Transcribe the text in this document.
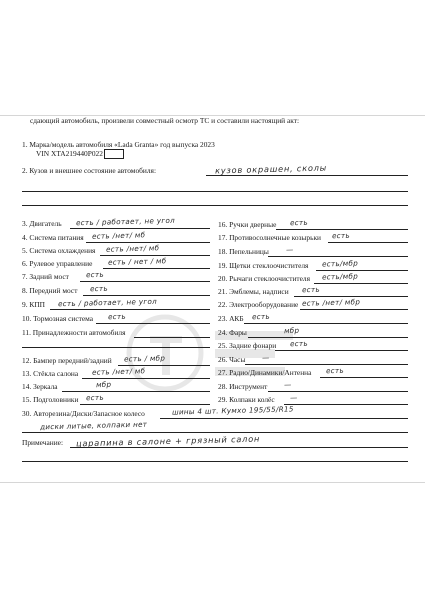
сдающий автомобиль, произвели совместный осмотр ТС и составили настоящий акт:
1. Марка/модель автомобиля «Lada Granta» год выпуска 2023
VIN XTA219440P022
2. Кузов и внешнее состояние автомобиля:	кузов окрашен, сколы
3. Двигатель есть / работает, не угол
4. Система питания есть /нет/ мб
5. Система охлаждения есть /нет/ мб
6. Рулевое управление есть / нет / мб
7. Задний мост есть
8. Передний мост есть
9. КПП есть / работает, не угол
10. Тормозная система есть
11. Принадлежности автомобиля
12. Бампер передний/задний есть / мбр
13. Стёкла салона есть /нет/ мб
14. Зеркала	мбр
15. Подголовники есть
16. Ручки дверные есть
17. Противосолнечные козырьки есть
18. Пепельницы —
19. Щетки стеклоочистителя есть/мбр
20. Рычаги стеклоочистителя есть/мбр
21. Эмблемы, надписи есть
22. Электрооборудование есть /нет/ мбр
23. АКБ есть
24. Фары	мбр
25. Задние фонари есть
26. Часы —
27. Радио/Динамики/Антенна есть
28. Инструмент —
29. Колпаки колёс —
30. Авторезина/Диски/Запасное колесо	шины 4 шт. Кумхо 195/55/R15
диски литые, колпаки нет
Примечание: царапина в салоне + грязный салон
